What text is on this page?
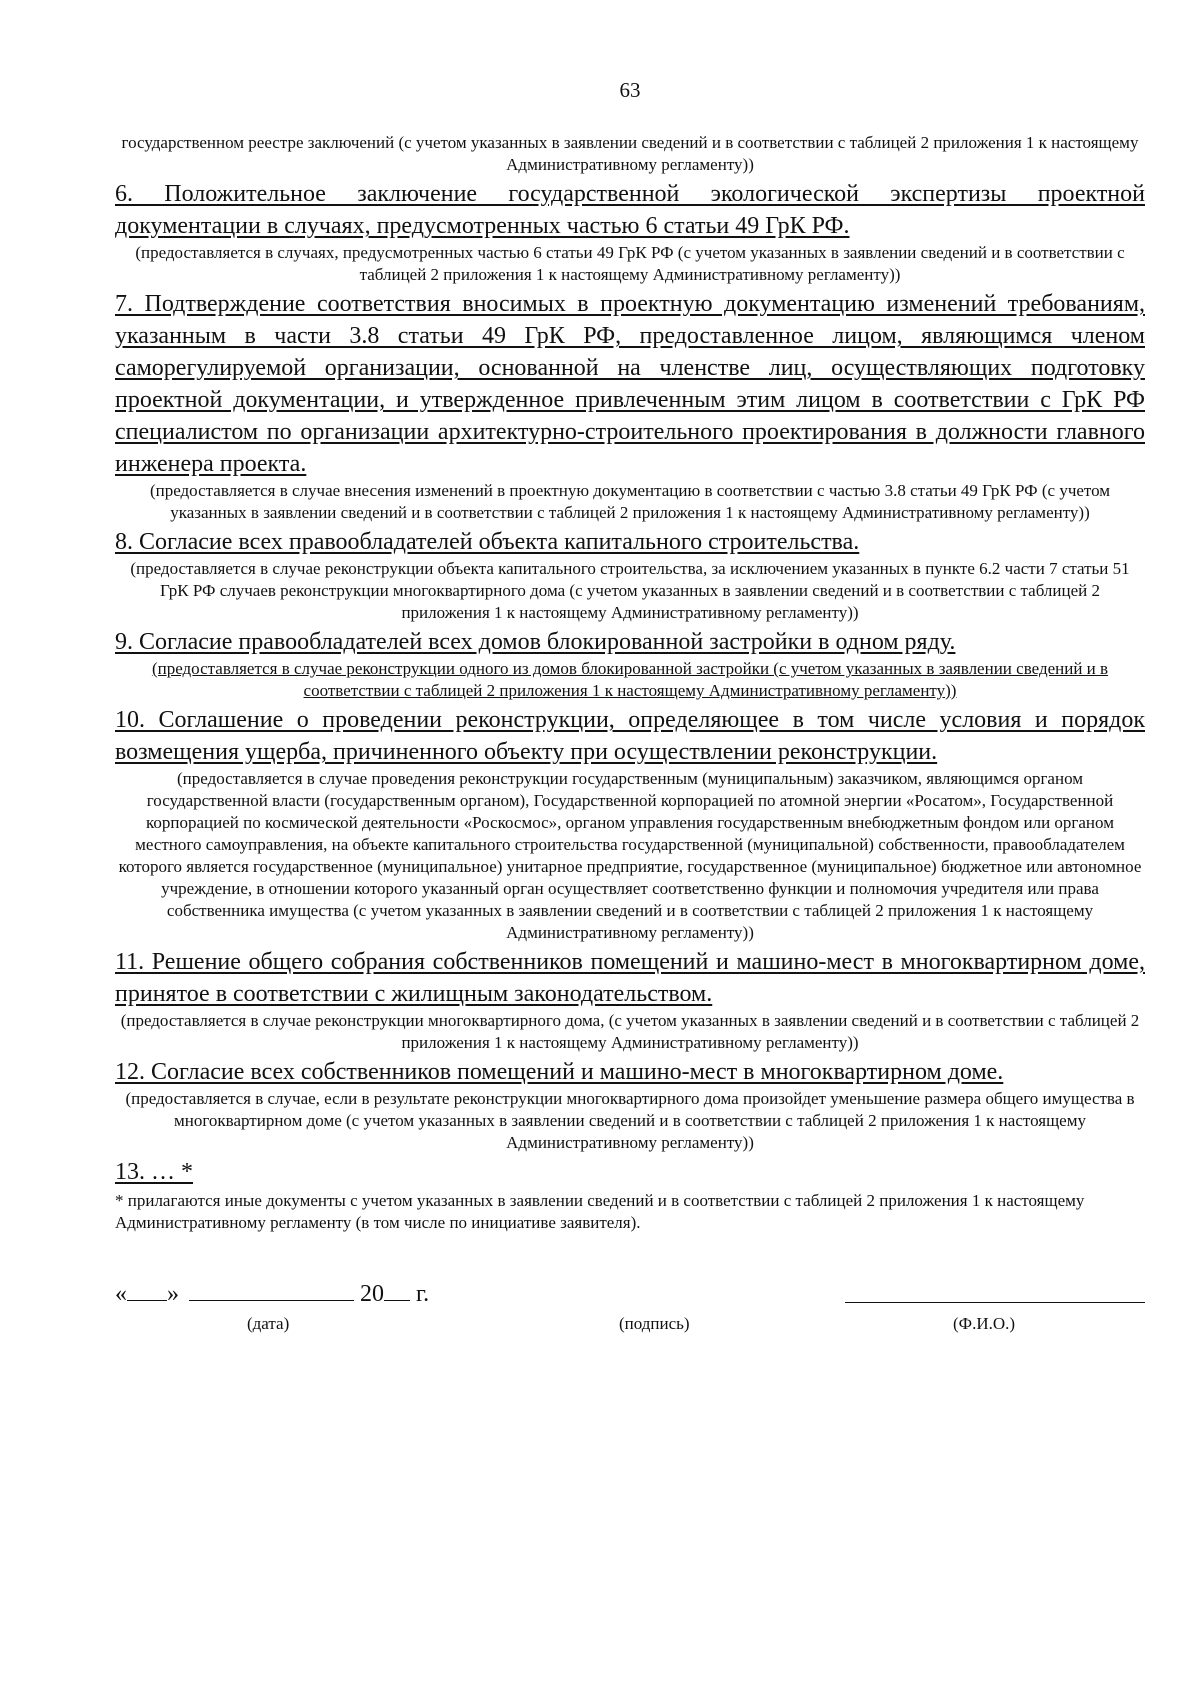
63

государственном реестре заключений (с учетом указанных в заявлении сведений и в соответствии с таблицей 2 приложения 1 к настоящему Административному регламенту))

6. Положительное заключение государственной экологической экспертизы проектной документации в случаях, предусмотренных частью 6 статьи 49 ГрК РФ.

(предоставляется в случаях, предусмотренных частью 6 статьи 49 ГрК РФ (с учетом указанных в заявлении сведений и в соответствии с таблицей 2 приложения 1 к настоящему Административному регламенту))

7. Подтверждение соответствия вносимых в проектную документацию изменений требованиям, указанным в части 3.8 статьи 49 ГрК РФ, предоставленное лицом, являющимся членом саморегулируемой организации, основанной на членстве лиц, осуществляющих подготовку проектной документации, и утвержденное привлеченным этим лицом в соответствии с ГрК РФ специалистом по организации архитектурно-строительного проектирования в должности главного инженера проекта.

(предоставляется в случае внесения изменений в проектную документацию в соответствии с частью 3.8 статьи 49 ГрК РФ (с учетом указанных в заявлении сведений и в соответствии с таблицей 2 приложения 1 к настоящему Административному регламенту))

8. Согласие всех правообладателей объекта капитального строительства.

(предоставляется в случае реконструкции объекта капитального строительства, за исключением указанных в пункте 6.2 части 7 статьи 51 ГрК РФ случаев реконструкции многоквартирного дома (с учетом указанных в заявлении сведений и в соответствии с таблицей 2 приложения 1 к настоящему Административному регламенту))

9. Согласие правообладателей всех домов блокированной застройки в одном ряду.

(предоставляется в случае реконструкции одного из домов блокированной застройки (с учетом указанных в заявлении сведений и в соответствии с таблицей 2 приложения 1 к настоящему Административному регламенту))

10. Соглашение о проведении реконструкции, определяющее в том числе условия и порядок возмещения ущерба, причиненного объекту при осуществлении реконструкции.

(предоставляется в случае проведения реконструкции государственным (муниципальным) заказчиком, являющимся органом государственной власти (государственным органом), Государственной корпорацией по атомной энергии «Росатом», Государственной корпорацией по космической деятельности «Роскосмос», органом управления государственным внебюджетным фондом или органом местного самоуправления, на объекте капитального строительства государственной (муниципальной) собственности, правообладателем которого является государственное (муниципальное) унитарное предприятие, государственное (муниципальное) бюджетное или автономное учреждение, в отношении которого указанный орган осуществляет соответственно функции и полномочия учредителя или права собственника имущества (с учетом указанных в заявлении сведений и в соответствии с таблицей 2 приложения 1 к настоящему Административному регламенту))

11. Решение общего собрания собственников помещений и машино-мест в многоквартирном доме, принятое в соответствии с жилищным законодательством.

(предоставляется в случае реконструкции многоквартирного дома, (с учетом указанных в заявлении сведений и в соответствии с таблицей 2 приложения 1 к настоящему Административному регламенту))

12. Согласие всех собственников помещений и машино-мест в многоквартирном доме.

(предоставляется в случае, если в результате реконструкции многоквартирного дома произойдет уменьшение размера общего имущества в многоквартирном доме (с учетом указанных в заявлении сведений и в соответствии с таблицей 2 приложения 1 к настоящему Административному регламенту))

13. … *

* прилагаются иные документы с учетом указанных в заявлении сведений и в соответствии с таблицей 2 приложения 1 к настоящему Административному регламенту (в том числе по инициативе заявителя).

« »	20 г.
(дата)	(подпись)	(Ф.И.О.)
